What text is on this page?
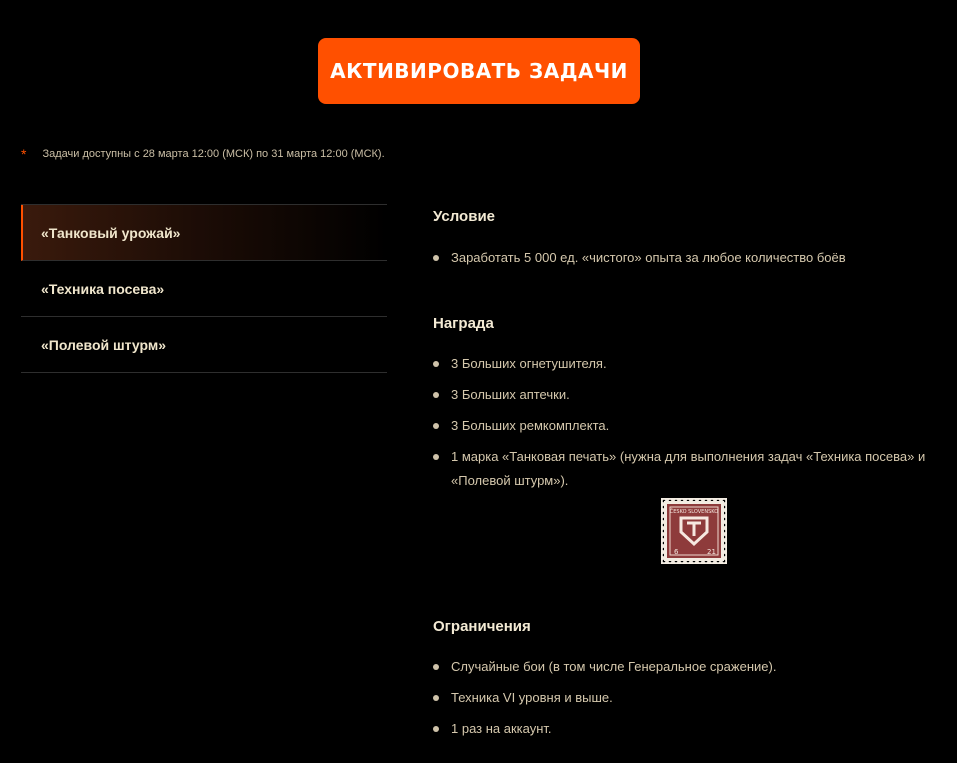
АКТИВИРОВАТЬ ЗАДАЧИ
* Задачи доступны с 28 марта 12:00 (МСК) по 31 марта 12:00 (МСК).
«Танковый урожай»
«Техника посева»
«Полевой штурм»
Условие
Заработать 5 000 ед. «чистого» опыта за любое количество боёв
Награда
3 Больших огнетушителя.
3 Больших аптечки.
3 Больших ремкомплекта.
1 марка «Танковая печать» (нужна для выполнения задач «Техника посева» и «Полевой штурм»).
ČESKO SLOVENSKO
6	21
Ограничения
Случайные бои (в том числе Генеральное сражение).
Техника VI уровня и выше.
1 раз на аккаунт.
